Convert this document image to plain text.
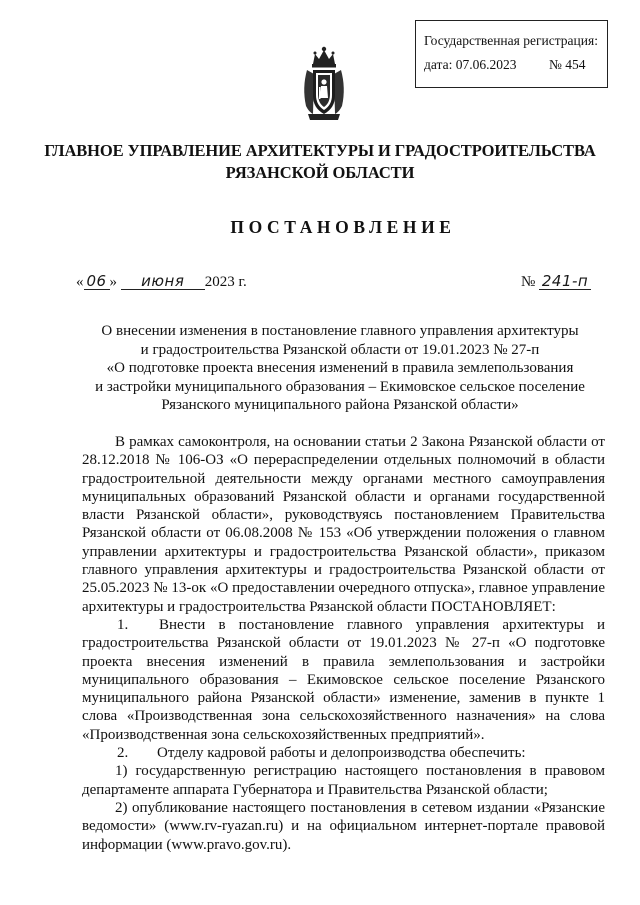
Государственная регистрация:
дата: 07.06.2023 № 454
ГЛАВНОЕ УПРАВЛЕНИЕ АРХИТЕКТУРЫ И ГРАДОСТРОИТЕЛЬСТВА
РЯЗАНСКОЙ ОБЛАСТИ
ПОСТАНОВЛЕНИЕ
« 06 » июня 2023 г.	№ 241-п
О внесении изменения в постановление главного управления архитектуры
и градостроительства Рязанской области от 19.01.2023 № 27-п
«О подготовке проекта внесения изменений в правила землепользования
и застройки муниципального образования – Екимовское сельское поселение
Рязанского муниципального района Рязанской области»

В рамках самоконтроля, на основании статьи 2 Закона Рязанской области от 28.12.2018 № 106-ОЗ «О перераспределении отдельных полномочий в области градостроительной деятельности между органами местного самоуправления муниципальных образований Рязанской области и органами государственной власти Рязанской области», руководствуясь постановлением Правительства Рязанской области от 06.08.2008 № 153 «Об утверждении положения о главном управлении архитектуры и градостроительства Рязанской области», приказом главного управления архитектуры и градостроительства Рязанской области от 25.05.2023 № 13-ок «О предоставлении очередного отпуска», главное управление архитектуры и градостроительства Рязанской области ПОСТАНОВЛЯЕТ:

1. Внести в постановление главного управления архитектуры и градостроительства Рязанской области от 19.01.2023 № 27-п «О подготовке проекта внесения изменений в правила землепользования и застройки муниципального образования – Екимовское сельское поселение Рязанского муниципального района Рязанской области» изменение, заменив в пункте 1 слова «Производственная зона сельскохозяйственного назначения» на слова «Производственная зона сельскохозяйственных предприятий».

2. Отделу кадровой работы и делопроизводства обеспечить:

1) государственную регистрацию настоящего постановления в правовом департаменте аппарата Губернатора и Правительства Рязанской области;

2) опубликование настоящего постановления в сетевом издании «Рязанские ведомости» (www.rv-ryazan.ru) и на официальном интернет-портале правовой информации (www.pravo.gov.ru).
